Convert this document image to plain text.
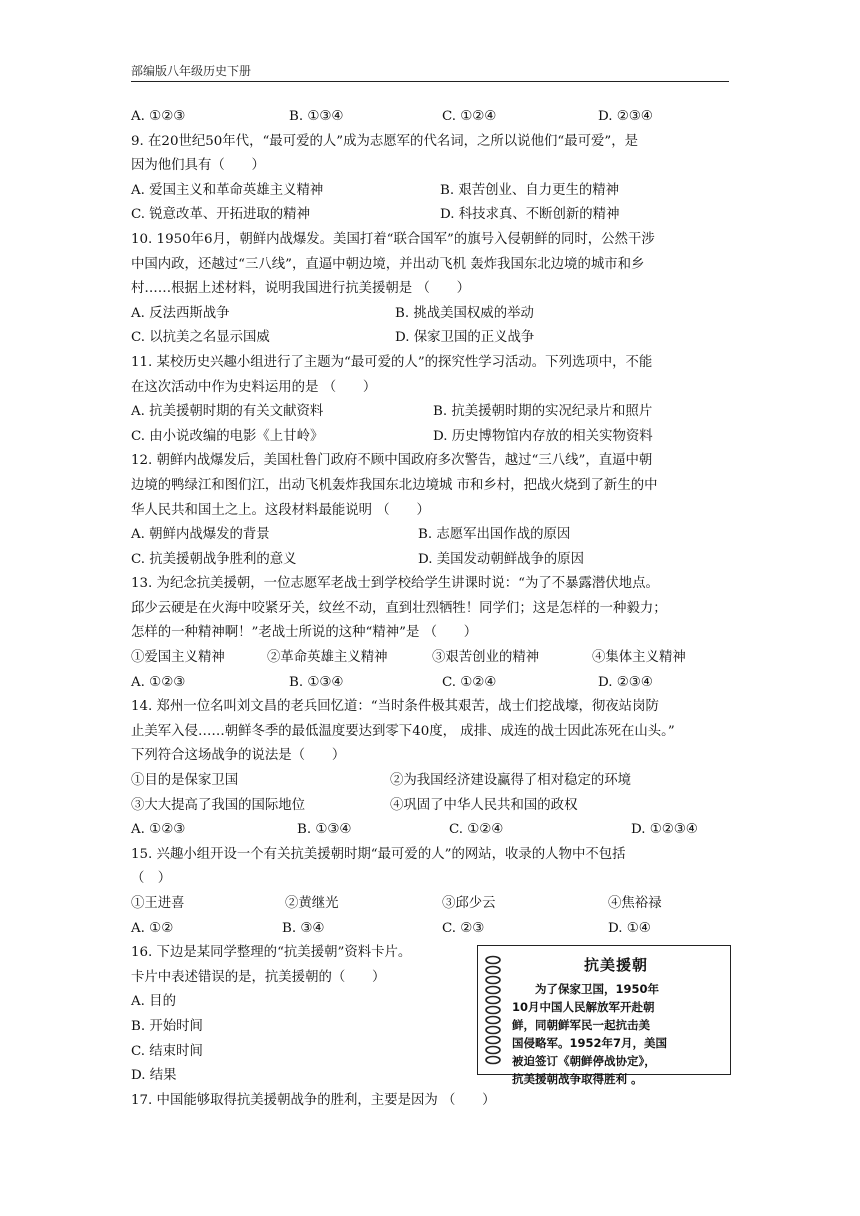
部编版八年级历史下册
A. ①②③	B. ①③④	C. ①②④	D. ②③④
9. 在20世纪50年代，“最可爱的人”成为志愿军的代名词，之所以说他们“最可爱”，是
因为他们具有（　　）
A. 爱国主义和革命英雄主义精神	B. 艰苦创业、自力更生的精神
C. 锐意改革、开拓进取的精神	D. 科技求真、不断创新的精神
10. 1950年6月，朝鲜内战爆发。美国打着“联合国军”的旗号入侵朝鲜的同时，公然干涉
中国内政，还越过“三八线”，直逼中朝边境，并出动飞机 轰炸我国东北边境的城市和乡
村……根据上述材料，说明我国进行抗美援朝是 （　　）
A. 反法西斯战争	B. 挑战美国权威的举动
C. 以抗美之名显示国威	D. 保家卫国的正义战争
11. 某校历史兴趣小组进行了主题为“最可爱的人”的探究性学习活动。下列选项中，不能
在这次活动中作为史料运用的是 （　　）
A. 抗美援朝时期的有关文献资料	B. 抗美援朝时期的实况纪录片和照片
C. 由小说改编的电影《上甘岭》	D. 历史博物馆内存放的相关实物资料
12. 朝鲜内战爆发后，美国杜鲁门政府不顾中国政府多次警告，越过“三八线”，直逼中朝
边境的鸭绿江和图们江，出动飞机轰炸我国东北边境城 市和乡村，把战火烧到了新生的中
华人民共和国土之上。这段材料最能说明 （　　）
A. 朝鲜内战爆发的背景	B. 志愿军出国作战的原因
C. 抗美援朝战争胜利的意义	D. 美国发动朝鲜战争的原因
13. 为纪念抗美援朝，一位志愿军老战士到学校给学生讲课时说：“为了不暴露潜伏地点。
邱少云硬是在火海中咬紧牙关，纹丝不动，直到壮烈牺牲！同学们；这是怎样的一种毅力；
怎样的一种精神啊！”老战士所说的这种“精神”是 （　　）
①爱国主义精神	②革命英雄主义精神	③艰苦创业的精神	④集体主义精神
A. ①②③	B. ①③④	C. ①②④	D. ②③④
14. 郑州一位名叫刘文昌的老兵回忆道：“当时条件极其艰苦，战士们挖战壕，彻夜站岗防
止美军入侵……朝鲜冬季的最低温度要达到零下40度， 成排、成连的战士因此冻死在山头。”
下列符合这场战争的说法是（　　）
①目的是保家卫国	②为我国经济建设赢得了相对稳定的环境
③大大提高了我国的国际地位	④巩固了中华人民共和国的政权
A. ①②③	B. ①③④	C. ①②④	D. ①②③④
15. 兴趣小组开设一个有关抗美援朝时期“最可爱的人”的网站，收录的人物中不包括
（　）
①王进喜	②黄继光	③邱少云	④焦裕禄
A. ①②	B. ③④	C. ②③	D. ①④
16. 下边是某同学整理的“抗美援朝”资料卡片。
卡片中表述错误的是，抗美援朝的（　　）
A. 目的
B. 开始时间
C. 结束时间
D. 结果
17. 中国能够取得抗美援朝战争的胜利，主要是因为 （　　）
抗美援朝
　　为了保家卫国，1950年
10月中国人民解放军开赴朝
鲜，同朝鲜军民一起抗击美
国侵略军。1952年7月，美国
被迫签订《朝鲜停战协定》，
抗美援朝战争取得胜利 。
